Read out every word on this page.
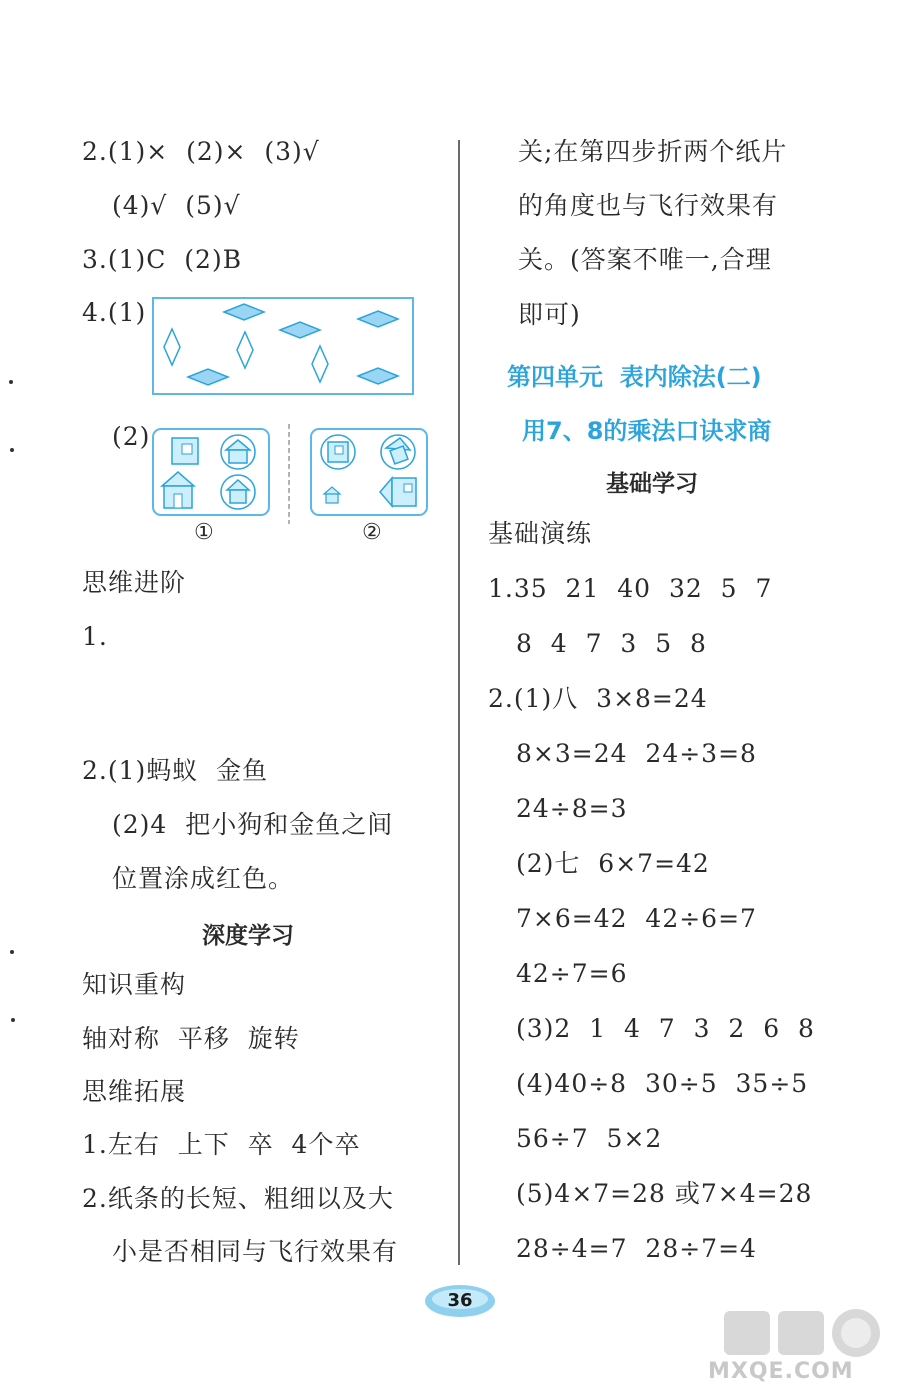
2.(1)×  (2)×  (3)√
(4)√  (5)√
3.(1)C  (2)B
4.(1)
(2)
①	②
思维进阶
1.
2.(1)蚂蚁  金鱼
(2)4  把小狗和金鱼之间
位置涂成红色。
深度学习
知识重构
轴对称  平移  旋转
思维拓展
1.左右  上下  卒  4个卒
2.纸条的长短、粗细以及大
小是否相同与飞行效果有
关;在第四步折两个纸片
的角度也与飞行效果有
关。(答案不唯一,合理
即可)
第四单元  表内除法(二)
用7、8的乘法口诀求商
基础学习
基础演练
1.35  21  40  32  5  7
8  4  7  3  5  8
2.(1)八  3×8=24
8×3=24  24÷3=8
24÷8=3
(2)七  6×7=42
7×6=42  42÷6=7
42÷7=6
(3)2  1  4  7  3  2  6  8
(4)40÷8  30÷5  35÷5
56÷7  5×2
(5)4×7=28 或7×4=28
28÷4=7  28÷7=4
36
MXQE.COM
